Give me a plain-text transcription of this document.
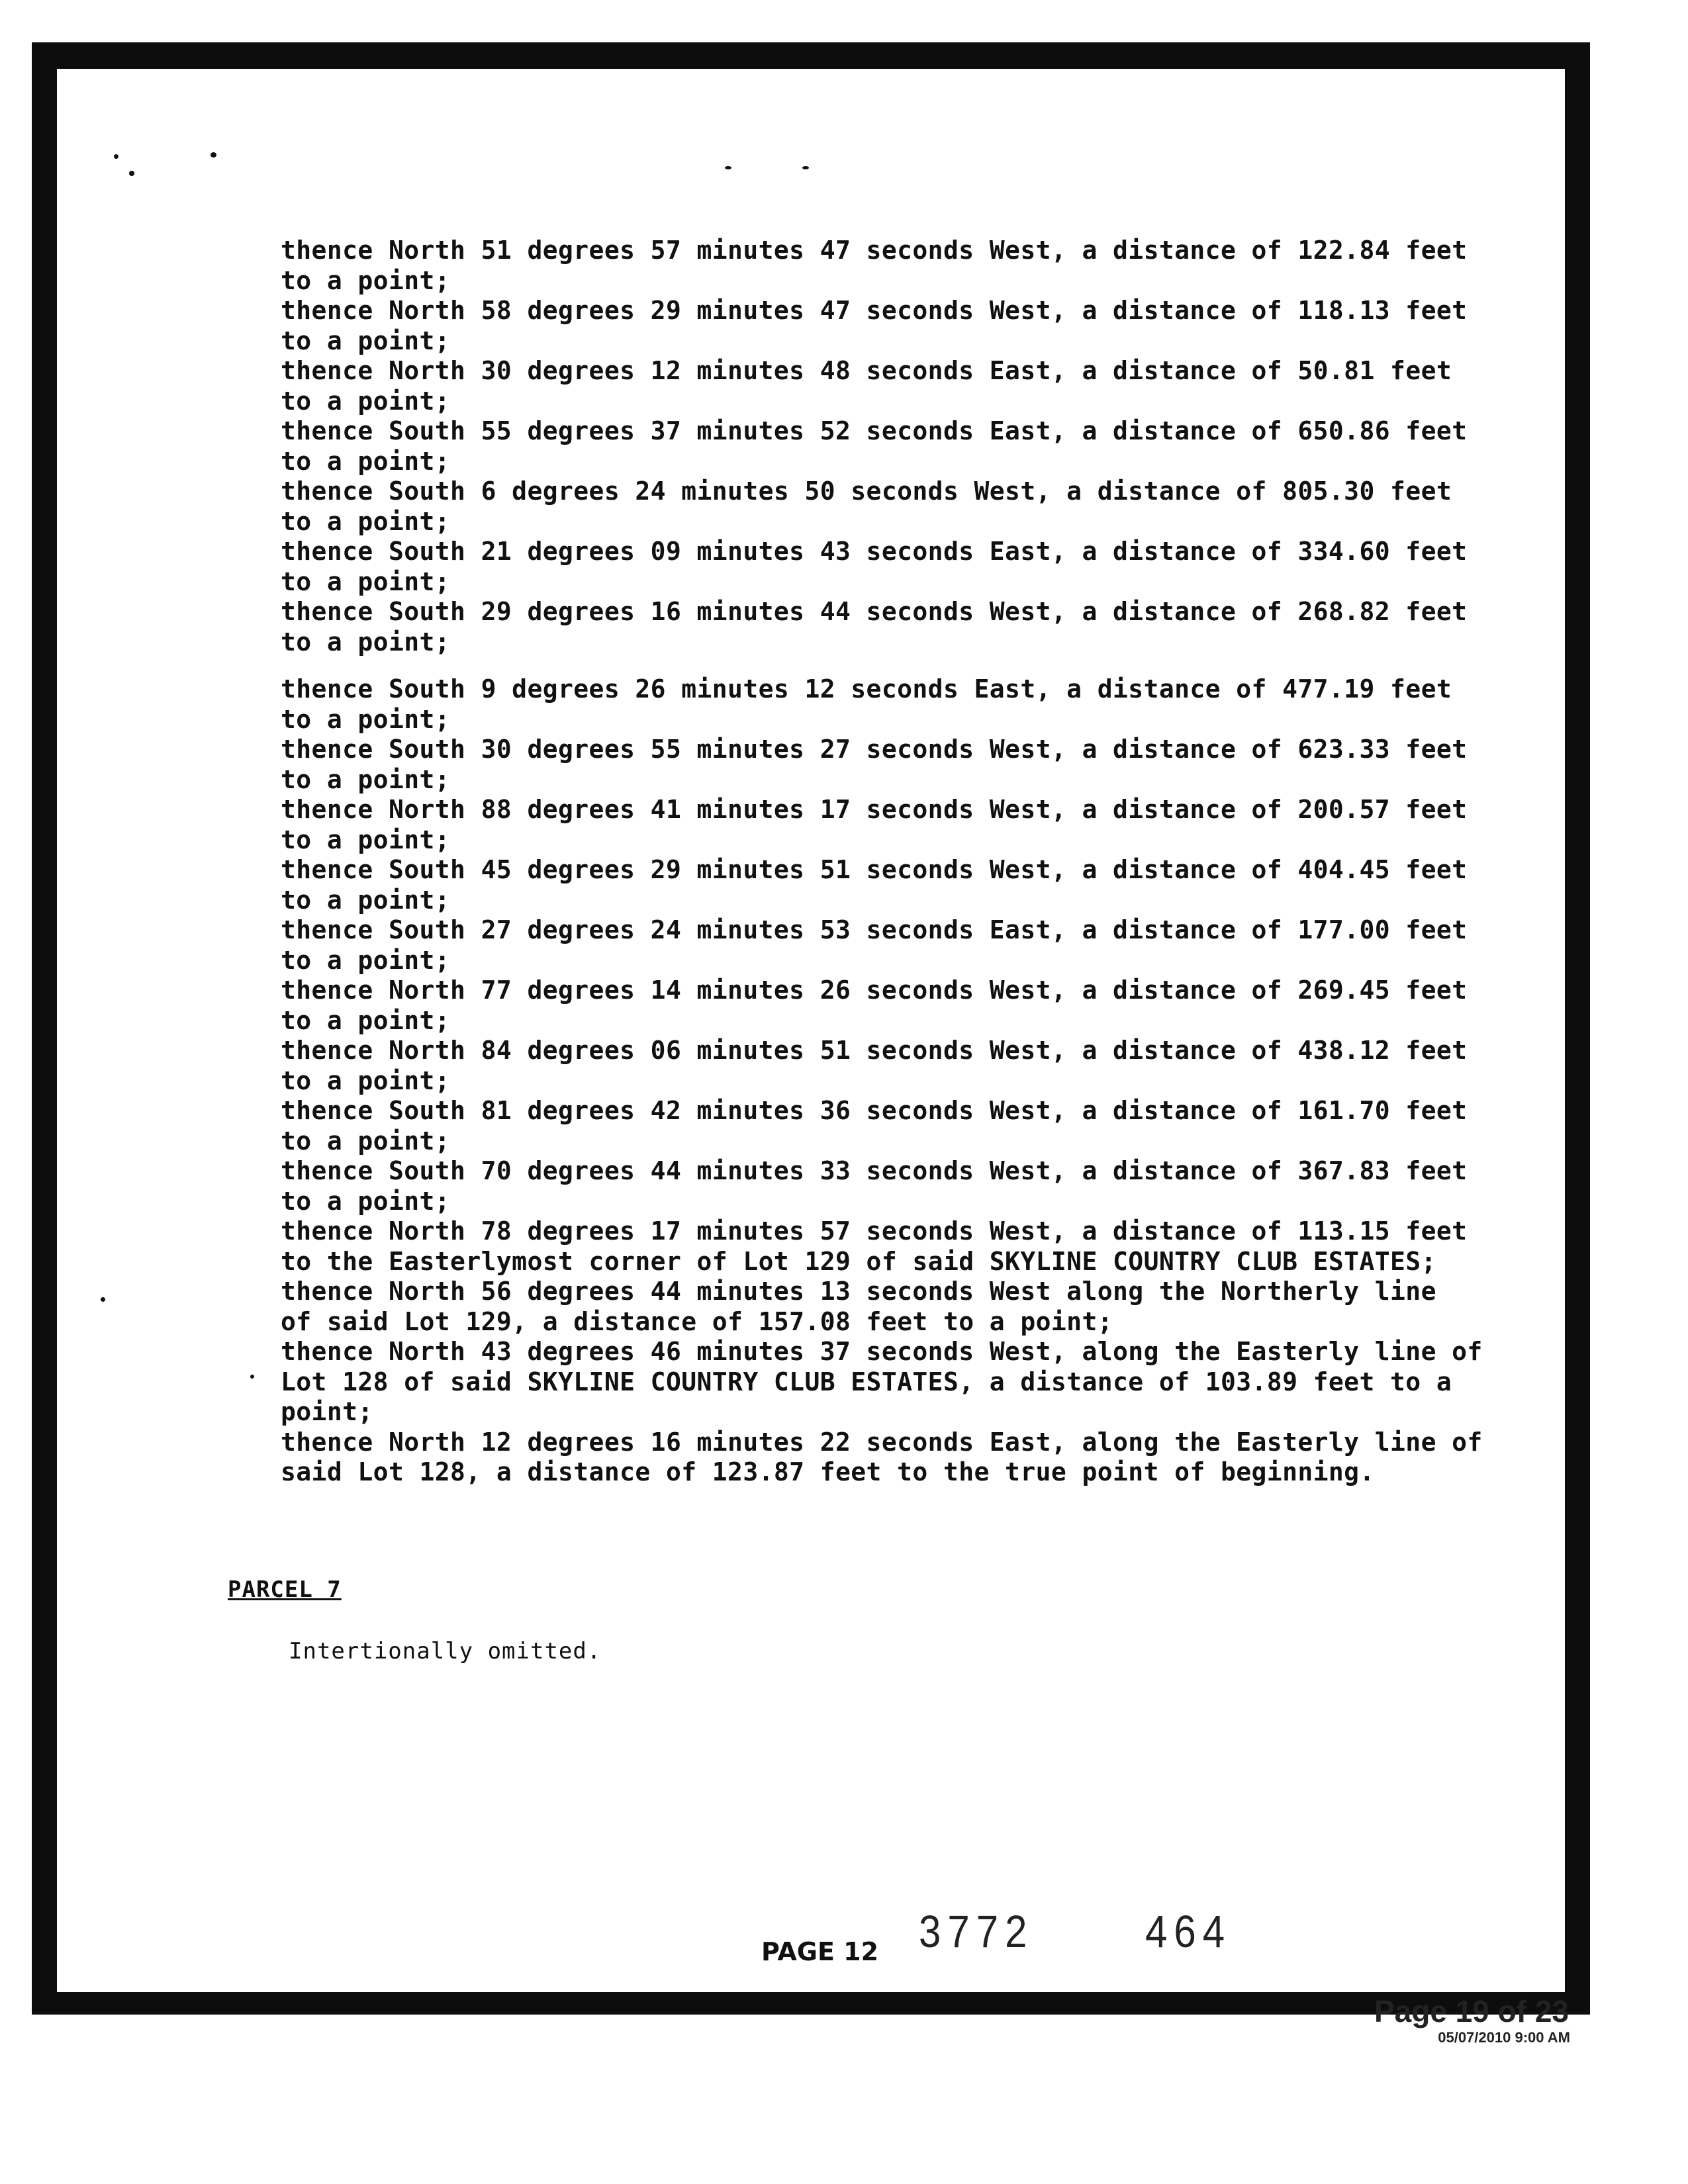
thence North 51 degrees 57 minutes 47 seconds West, a distance of 122.84 feet
to a point;
thence North 58 degrees 29 minutes 47 seconds West, a distance of 118.13 feet
to a point;
thence North 30 degrees 12 minutes 48 seconds East, a distance of 50.81 feet
to a point;
thence South 55 degrees 37 minutes 52 seconds East, a distance of 650.86 feet
to a point;
thence South 6 degrees 24 minutes 50 seconds West, a distance of 805.30 feet
to a point;
thence South 21 degrees 09 minutes 43 seconds East, a distance of 334.60 feet
to a point;
thence South 29 degrees 16 minutes 44 seconds West, a distance of 268.82 feet
to a point;
thence South 9 degrees 26 minutes 12 seconds East, a distance of 477.19 feet
to a point;
thence South 30 degrees 55 minutes 27 seconds West, a distance of 623.33 feet
to a point;
thence North 88 degrees 41 minutes 17 seconds West, a distance of 200.57 feet
to a point;
thence South 45 degrees 29 minutes 51 seconds West, a distance of 404.45 feet
to a point;
thence South 27 degrees 24 minutes 53 seconds East, a distance of 177.00 feet
to a point;
thence North 77 degrees 14 minutes 26 seconds West, a distance of 269.45 feet
to a point;
thence North 84 degrees 06 minutes 51 seconds West, a distance of 438.12 feet
to a point;
thence South 81 degrees 42 minutes 36 seconds West, a distance of 161.70 feet
to a point;
thence South 70 degrees 44 minutes 33 seconds West, a distance of 367.83 feet
to a point;
thence North 78 degrees 17 minutes 57 seconds West, a distance of 113.15 feet
to the Easterlymost corner of Lot 129 of said SKYLINE COUNTRY CLUB ESTATES;
thence North 56 degrees 44 minutes 13 seconds West along the Northerly line
of said Lot 129, a distance of 157.08 feet to a point;
thence North 43 degrees 46 minutes 37 seconds West, along the Easterly line of
Lot 128 of said SKYLINE COUNTRY CLUB ESTATES, a distance of 103.89 feet to a
point;
thence North 12 degrees 16 minutes 22 seconds East, along the Easterly line of
said Lot 128, a distance of 123.87 feet to the true point of beginning.
PARCEL 7
Intertionally omitted.
PAGE 12 3772	464
Page 19 of 23
05/07/2010 9:00 AM
